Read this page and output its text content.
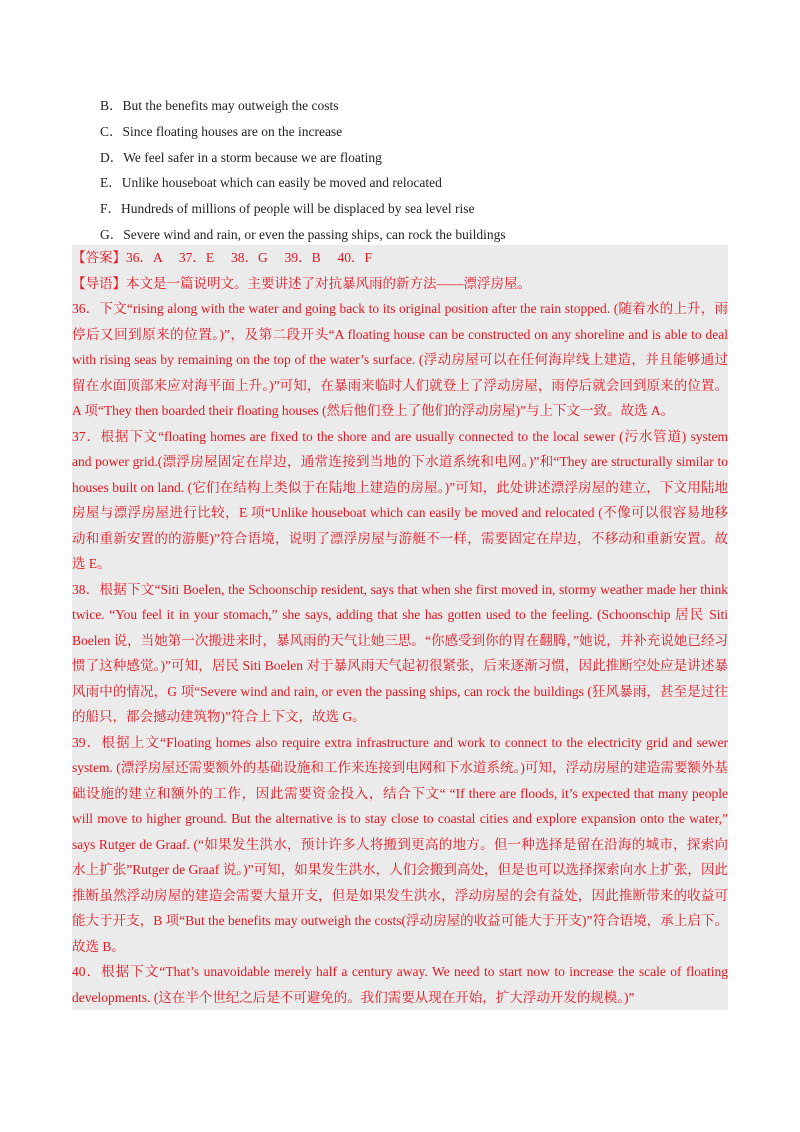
B．But the benefits may outweigh the costs
C．Since floating houses are on the increase
D．We feel safer in a storm because we are floating
E．Unlike houseboat which can easily be moved and relocated
F．Hundreds of millions of people will be displaced by sea level rise
G．Severe wind and rain, or even the passing ships, can rock the buildings

【答案】36．A　 37．E　 38．G　 39．B　 40．F

【导语】本文是一篇说明文。主要讲述了对抗暴风雨的新方法——漂浮房屋。

36．下文“rising along with the water and going back to its original position after the rain stopped. (随着水的上升，雨停后又回到原来的位置。)”，及第二段开头“A floating house can be constructed on any shoreline and is able to deal with rising seas by remaining on the top of the water’s surface. (浮动房屋可以在任何海岸线上建造，并且能够通过留在水面顶部来应对海平面上升。)”可知，在暴雨来临时人们就登上了浮动房屋，雨停后就会回到原来的位置。A 项“They then boarded their floating houses (然后他们登上了他们的浮动房屋)”与上下文一致。故选 A。

37．根据下文“floating homes are fixed to the shore and are usually connected to the local sewer (污水管道) system and power grid.(漂浮房屋固定在岸边，通常连接到当地的下水道系统和电网。)”和“They are structurally similar to houses built on land. (它们在结构上类似于在陆地上建造的房屋。)”可知，此处讲述漂浮房屋的建立，下文用陆地房屋与漂浮房屋进行比较，E 项“Unlike houseboat which can easily be moved and relocated (不像可以很容易地移动和重新安置的的游艇)”符合语境，说明了漂浮房屋与游艇不一样，需要固定在岸边，不移动和重新安置。故选 E。

38．根据下文“Siti Boelen, the Schoonschip resident, says that when she first moved in, stormy weather made her think twice. “You feel it in your stomach,” she says, adding that she has gotten used to the feeling. (Schoonschip 居民 Siti Boelen 说，当她第一次搬进来时，暴风雨的天气让她三思。“你感受到你的胃在翻腾，”她说，并补充说她已经习惯了这种感觉。)”可知，居民 Siti Boelen 对于暴风雨天气起初很紧张，后来逐渐习惯，因此推断空处应是讲述暴风雨中的情况，G 项“Severe wind and rain, or even the passing ships, can rock the buildings (狂风暴雨，甚至是过往的船只，都会撼动建筑物)”符合上下文，故选 G。

39．根据上文“Floating homes also require extra infrastructure and work to connect to the electricity grid and sewer system. (漂浮房屋还需要额外的基础设施和工作来连接到电网和下水道系统。)可知，浮动房屋的建造需要额外基础设施的建立和额外的工作，因此需要资金投入，结合下文“ “If there are floods, it’s expected that many people will move to higher ground. But the alternative is to stay close to coastal cities and explore expansion onto the water,” says Rutger de Graaf. (“如果发生洪水，预计许多人将搬到更高的地方。但一种选择是留在沿海的城市，探索向水上扩张”Rutger de Graaf 说。)”可知，如果发生洪水，人们会搬到高处，但是也可以选择探索向水上扩张，因此推断虽然浮动房屋的建造会需要大量开支，但是如果发生洪水，浮动房屋的会有益处，因此推断带来的收益可能大于开支，B 项“But the benefits may outweigh the costs(浮动房屋的收益可能大于开支)”符合语境，承上启下。故选 B。

40．根据下文“That’s unavoidable merely half a century away. We need to start now to increase the scale of floating developments. (这在半个世纪之后是不可避免的。我们需要从现在开始，扩大浮动开发的规模。)”
